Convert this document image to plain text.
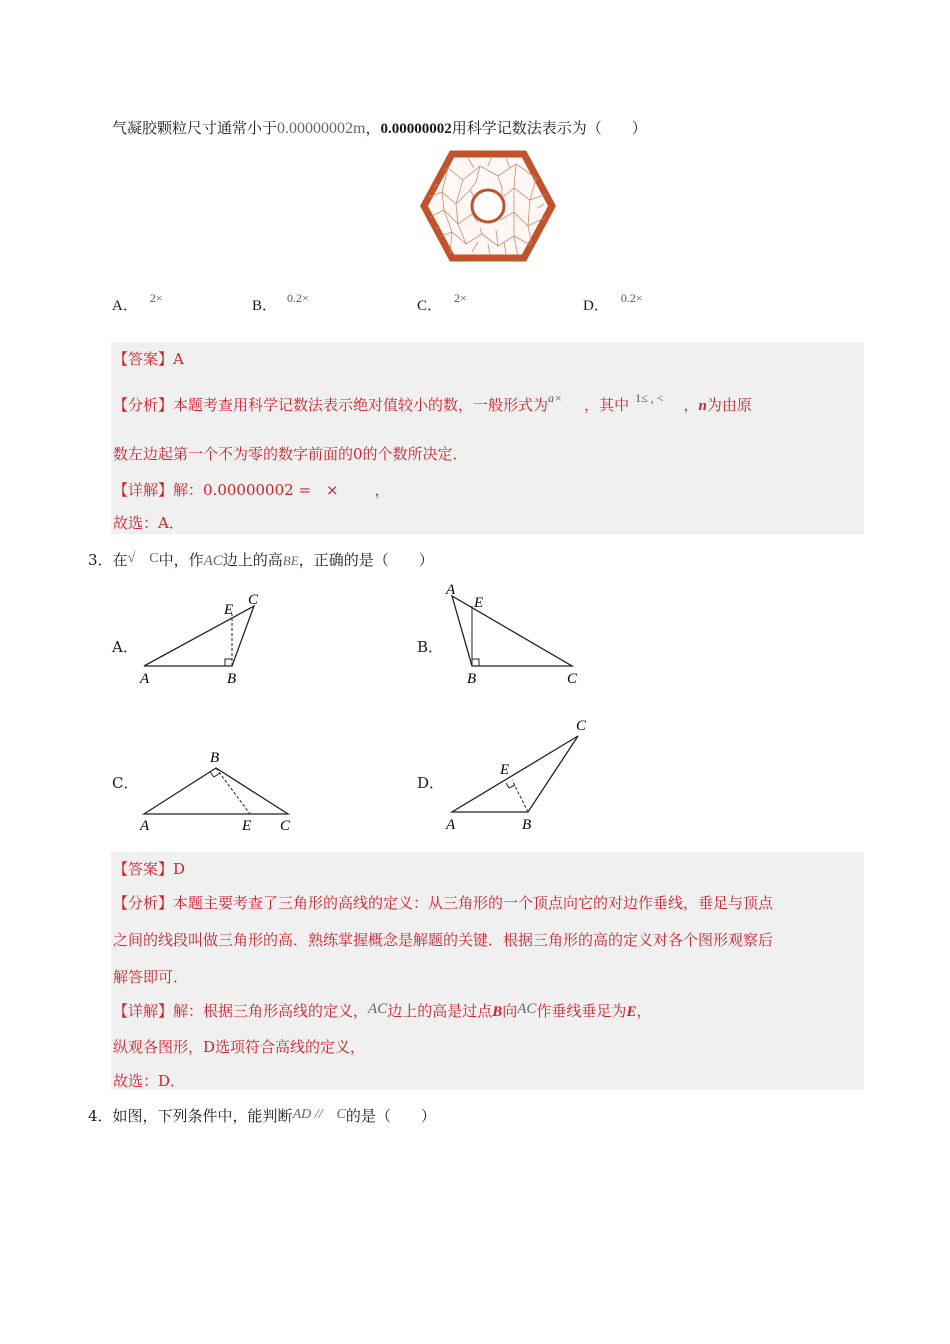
气凝胶颗粒尺寸通常小于0.00000002m，0.00000002用科学记数法表示为（　　）
A． $^{2\times}$	B． $^{0.2\times}$	C． $^{2\times}$	D． $^{0.2\times}$
【答案】A
【分析】本题考查用科学记数法表示绝对值较小的数，一般形式为$^{a\times}$ ，其中 $^{1\le , <}$ ，n为由原
数左边起第一个不为零的数字前面的0的个数所决定．
【详解】解：0.00000002 =　× ，
故选：A．
3．在√　C中，作AC边上的高BE，正确的是（　　）
A．
A	B
C
E
B．
A
E
B	C
C．
B
A	E C
D．
C
E
A	B
【答案】D
【分析】本题主要考查了三角形的高线的定义：从三角形的一个顶点向它的对边作垂线，垂足与顶点
之间的线段叫做三角形的高．熟练掌握概念是解题的关键．根据三角形的高的定义对各个图形观察后
解答即可．
【详解】解：根据三角形高线的定义，AC边上的高是过点B向AC作垂线垂足为E，
纵观各图形，D选项符合高线的定义，
故选：D．
4．如图，下列条件中，能判断AD //　C的是（　　）
